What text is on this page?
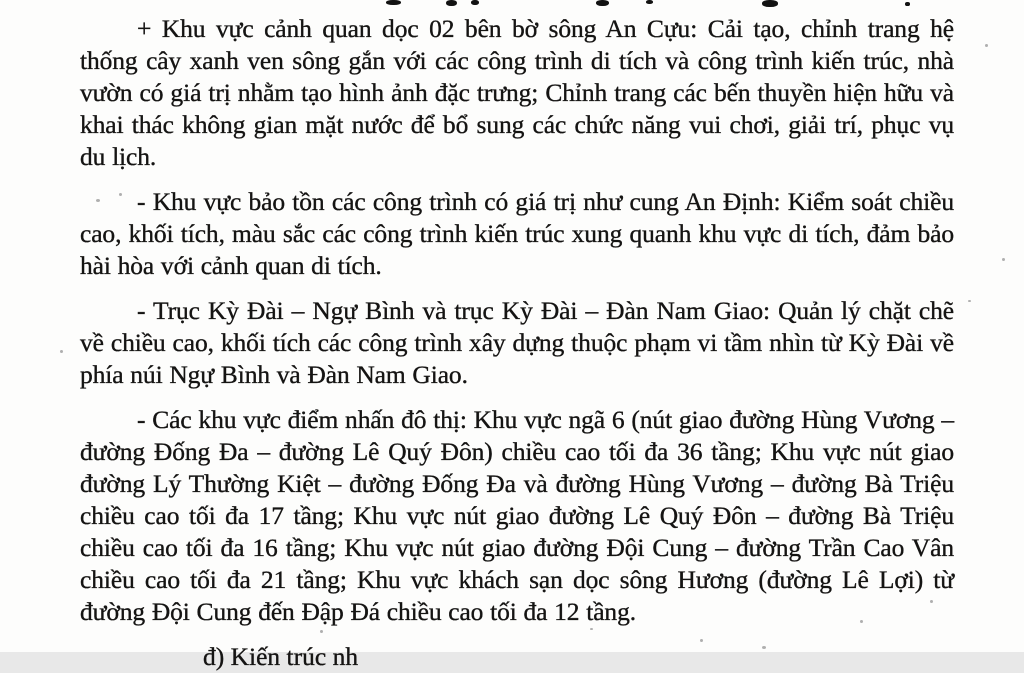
+ Khu vực cảnh quan dọc 02 bên bờ sông An Cựu: Cải tạo, chỉnh trang hệ thống cây xanh ven sông gắn với các công trình di tích và công trình kiến trúc, nhà vườn có giá trị nhằm tạo hình ảnh đặc trưng; Chỉnh trang các bến thuyền hiện hữu và khai thác không gian mặt nước để bổ sung các chức năng vui chơi, giải trí, phục vụ du lịch.

- Khu vực bảo tồn các công trình có giá trị như cung An Định: Kiểm soát chiều cao, khối tích, màu sắc các công trình kiến trúc xung quanh khu vực di tích, đảm bảo hài hòa với cảnh quan di tích.

- Trục Kỳ Đài – Ngự Bình và trục Kỳ Đài – Đàn Nam Giao: Quản lý chặt chẽ về chiều cao, khối tích các công trình xây dựng thuộc phạm vi tầm nhìn từ Kỳ Đài về phía núi Ngự Bình và Đàn Nam Giao.

- Các khu vực điểm nhấn đô thị: Khu vực ngã 6 (nút giao đường Hùng Vương – đường Đống Đa – đường Lê Quý Đôn) chiều cao tối đa 36 tầng; Khu vực nút giao đường Lý Thường Kiệt – đường Đống Đa và đường Hùng Vương – đường Bà Triệu chiều cao tối đa 17 tầng; Khu vực nút giao đường Lê Quý Đôn – đường Bà Triệu chiều cao tối đa 16 tầng; Khu vực nút giao đường Đội Cung – đường Trần Cao Vân chiều cao tối đa 21 tầng; Khu vực khách sạn dọc sông Hương (đường Lê Lợi) từ đường Đội Cung đến Đập Đá chiều cao tối đa 12 tầng.

đ) Kiến trúc nh
